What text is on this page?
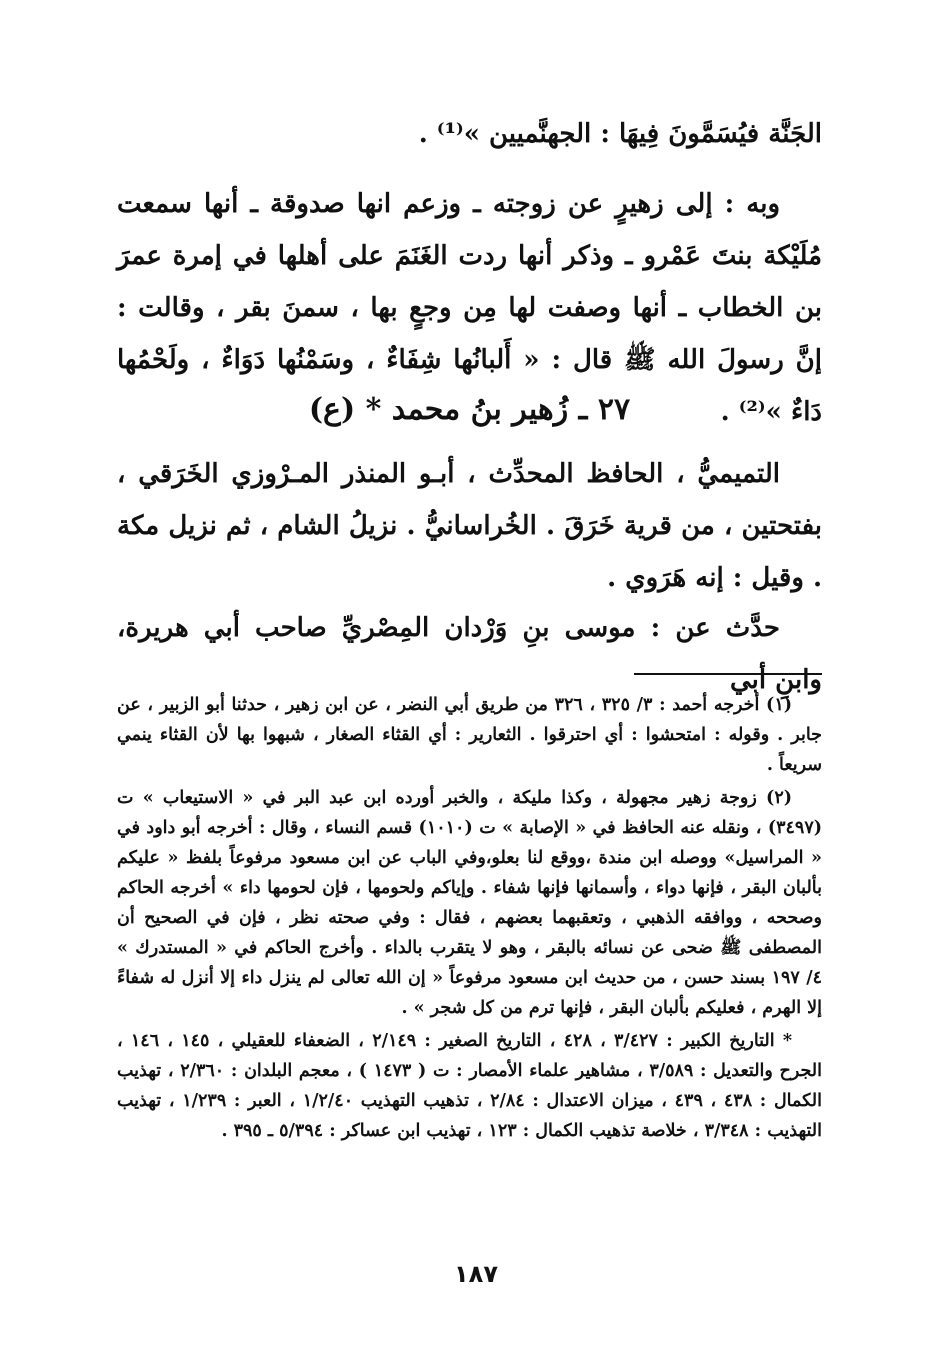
الجَنَّة فيُسَمَّونَ فِيهَا : الجهنَّميين »⁽¹⁾ .

وبه : إلى زهيرٍ عن زوجته ـ وزعم انها صدوقة ـ أنها سمعت مُلَيْكة بنتَ عَمْرو ـ وذكر أنها ردت الغَنَمَ على أهلها في إمرة عمرَ بن الخطاب ـ أنها وصفت لها مِن وجعٍ بها ، سمنَ بقر ، وقالت : إنَّ رسولَ الله ﷺ قال : « أَلبانُها شِفَاءٌ ، وسَمْنُها دَوَاءٌ ، ولَحْمُها دَاءٌ »⁽²⁾ .

٢٧ ـ زُهير بنُ محمد * (ع)

التميميُّ ، الحافظ المحدِّث ، أبـو المنذر المـرْوزي الخَرَقي ، بفتحتين ، من قرية خَرَقَ . الخُراسانيُّ . نزيلُ الشام ، ثم نزيل مكة . وقيل : إنه هَرَوي .

حدَّث عن : موسى بنِ وَرْدان المِصْريِّ صاحب أبي هريرة، وابنِ أبي

(١) أخرجه أحمد : ٣/ ٣٢٥ ، ٣٢٦ من طريق أبي النضر ، عن ابن زهير ، حدثنا أبو الزبير ، عن جابر . وقوله : امتحشوا : أي احترقوا . الثعارير : أي القثاء الصغار ، شبهوا بها لأن القثاء ينمي سريعاً .

(٢) زوجة زهير مجهولة ، وكذا مليكة ، والخبر أورده ابن عبد البر في « الاستيعاب » ت (٣٤٩٧) ، ونقله عنه الحافظ في « الإصابة » ت (١٠١٠) قسم النساء ، وقال : أخرجه أبو داود في « المراسيل» ووصله ابن مندة ،ووقع لنا بعلو،وفي الباب عن ابن مسعود مرفوعاً بلفظ « عليكم بألبان البقر ، فإنها دواء ، وأسمانها فإنها شفاء . وإياكم ولحومها ، فإن لحومها داء » أخرجه الحاكم وصححه ، ووافقه الذهبي ، وتعقبهما بعضهم ، فقال : وفي صحته نظر ، فإن في الصحيح أن المصطفى ﷺ ضحى عن نسائه بالبقر ، وهو لا يتقرب بالداء . وأخرج الحاكم في « المستدرك » ٤/ ١٩٧ بسند حسن ، من حديث ابن مسعود مرفوعاً « إن الله تعالى لم ينزل داء إلا أنزل له شفاءً إلا الهرم ، فعليكم بألبان البقر ، فإنها ترم من كل شجر » .

* التاريخ الكبير : ٣/٤٢٧ ، ٤٢٨ ، التاريخ الصغير : ٢/١٤٩ ، الضعفاء للعقيلي ، ١٤٥ ، ١٤٦ ، الجرح والتعديل : ٣/٥٨٩ ، مشاهير علماء الأمصار : ت ( ١٤٧٣ ) ، معجم البلدان : ٢/٣٦٠ ، تهذيب الكمال : ٤٣٨ ، ٤٣٩ ، ميزان الاعتدال : ٢/٨٤ ، تذهيب التهذيب ١/٢/٤٠ ، العبر : ١/٢٣٩ ، تهذيب التهذيب : ٣/٣٤٨ ، خلاصة تذهيب الكمال : ١٢٣ ، تهذيب ابن عساكر : ٥/٣٩٤ ـ ٣٩٥ .

١٨٧
